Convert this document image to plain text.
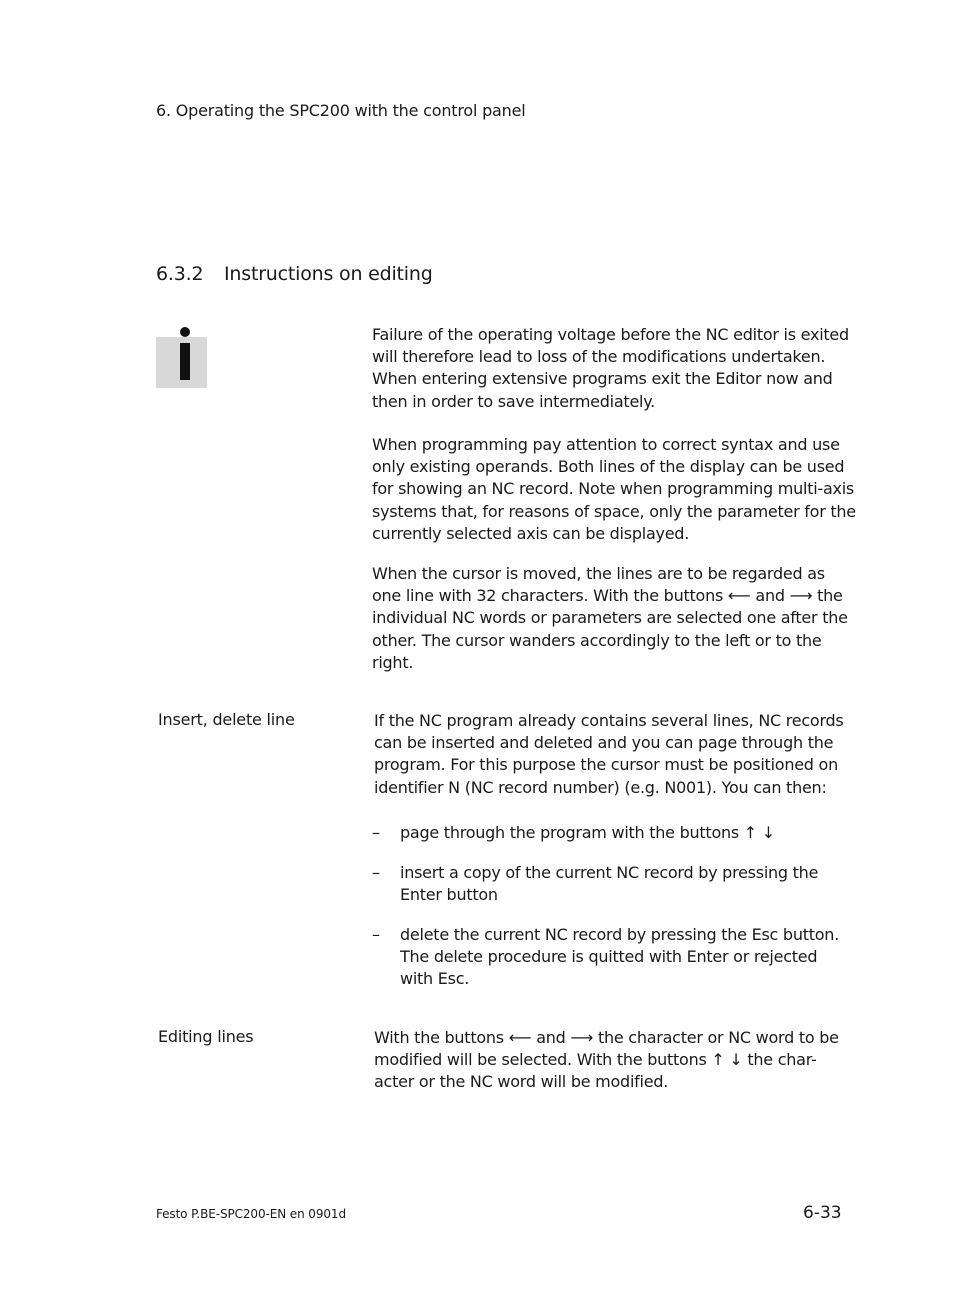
6. Operating the SPC200 with the control panel
6.3.2 Instructions on editing
Failure of the operating voltage before the NC editor is exited
will therefore lead to loss of the modifications undertaken.
When entering extensive programs exit the Editor now and
then in order to save intermediately.
When programming pay attention to correct syntax and use
only existing operands. Both lines of the display can be used
for showing an NC record. Note when programming multi-axis
systems that, for reasons of space, only the parameter for the
currently selected axis can be displayed.
When the cursor is moved, the lines are to be regarded as
one line with 32 characters. With the buttons ⟵ and ⟶ the
individual NC words or parameters are selected one after the
other. The cursor wanders accordingly to the left or to the
right.
Insert, delete line	If the NC program already contains several lines, NC records
can be inserted and deleted and you can page through the
program. For this purpose the cursor must be positioned on
identifier N (NC record number) (e.g. N001). You can then:
– page through the program with the buttons ↑ ↓
– insert a copy of the current NC record by pressing the
Enter button
– delete the current NC record by pressing the Esc button.
The delete procedure is quitted with Enter or rejected
with Esc.
Editing lines	With the buttons ⟵ and ⟶ the character or NC word to be
modified will be selected. With the buttons ↑ ↓ the char-
acter or the NC word will be modified.
Festo P.BE-SPC200-EN en 0901d	6-33
